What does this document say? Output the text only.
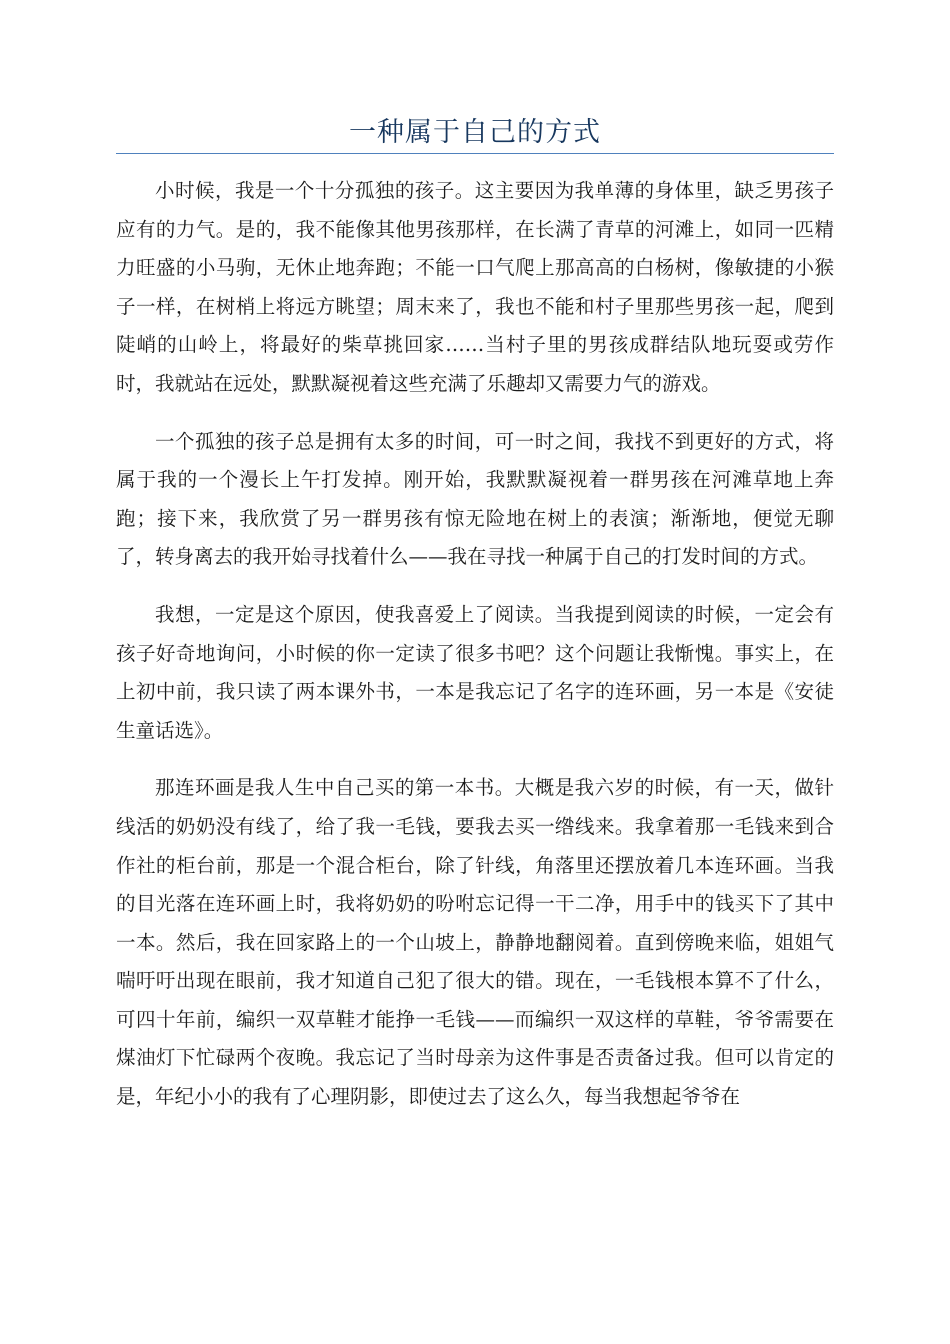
一种属于自己的方式

小时候，我是一个十分孤独的孩子。这主要因为我单薄的身体里，缺乏男孩子应有的力气。是的，我不能像其他男孩那样，在长满了青草的河滩上，如同一匹精力旺盛的小马驹，无休止地奔跑；不能一口气爬上那高高的白杨树，像敏捷的小猴子一样，在树梢上将远方眺望；周末来了，我也不能和村子里那些男孩一起，爬到陡峭的山岭上，将最好的柴草挑回家……当村子里的男孩成群结队地玩耍或劳作时，我就站在远处，默默凝视着这些充满了乐趣却又需要力气的游戏。

一个孤独的孩子总是拥有太多的时间，可一时之间，我找不到更好的方式，将属于我的一个漫长上午打发掉。刚开始，我默默凝视着一群男孩在河滩草地上奔跑；接下来，我欣赏了另一群男孩有惊无险地在树上的表演；渐渐地，便觉无聊了，转身离去的我开始寻找着什么——我在寻找一种属于自己的打发时间的方式。

我想，一定是这个原因，使我喜爱上了阅读。当我提到阅读的时候，一定会有孩子好奇地询问，小时候的你一定读了很多书吧？这个问题让我惭愧。事实上，在上初中前，我只读了两本课外书，一本是我忘记了名字的连环画，另一本是《安徒生童话选》。

那连环画是我人生中自己买的第一本书。大概是我六岁的时候，有一天，做针线活的奶奶没有线了，给了我一毛钱，要我去买一绺线来。我拿着那一毛钱来到合作社的柜台前，那是一个混合柜台，除了针线，角落里还摆放着几本连环画。当我的目光落在连环画上时，我将奶奶的吩咐忘记得一干二净，用手中的钱买下了其中一本。然后，我在回家路上的一个山坡上，静静地翻阅着。直到傍晚来临，姐姐气喘吁吁出现在眼前，我才知道自己犯了很大的错。现在，一毛钱根本算不了什么，可四十年前，编织一双草鞋才能挣一毛钱——而编织一双这样的草鞋，爷爷需要在煤油灯下忙碌两个夜晚。我忘记了当时母亲为这件事是否责备过我。但可以肯定的是，年纪小小的我有了心理阴影，即使过去了这么久，每当我想起爷爷在
